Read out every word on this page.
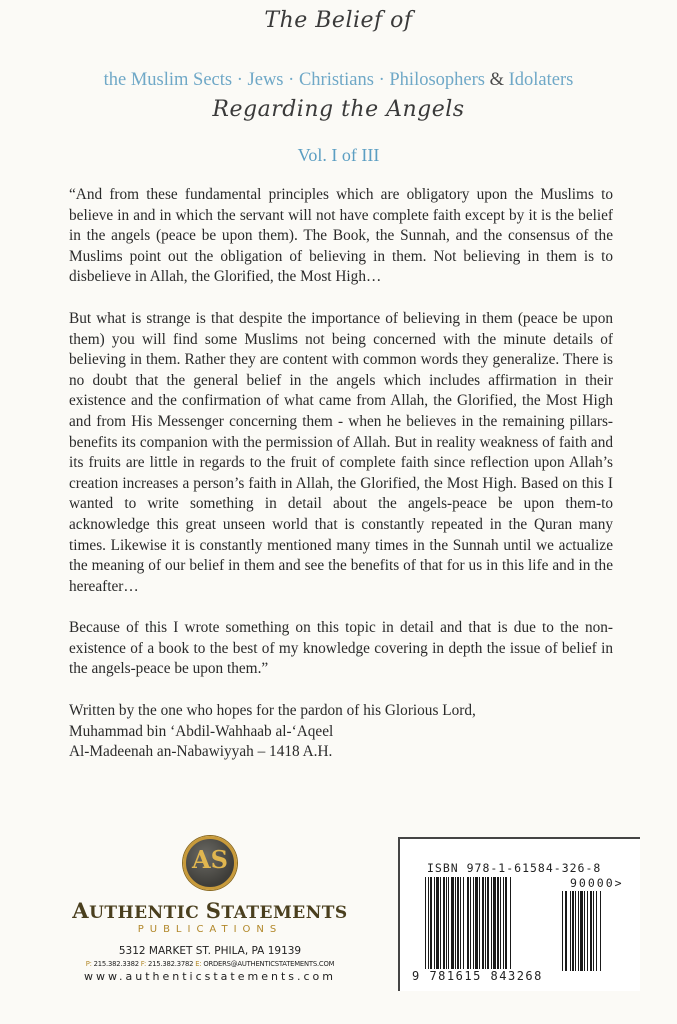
The Belief of
the Muslim Sects · Jews · Christians · Philosophers & Idolaters
Regarding the Angels
Vol. I of III

“And from these fundamental principles which are obligatory upon the Muslims to believe in and in which the servant will not have complete faith except by it is the belief in the angels (peace be upon them). The Book, the Sunnah, and the consensus of the Muslims point out the obligation of believing in them. Not believing in them is to disbelieve in Allah, the Glorified, the Most High…

But what is strange is that despite the importance of believing in them (peace be upon them) you will find some Muslims not being concerned with the minute details of believing in them. Rather they are content with common words they generalize. There is no doubt that the general belief in the angels which includes affirmation in their existence and the confirmation of what came from Allah, the Glorified, the Most High and from His Messenger concerning them - when he believes in the remaining pillars-benefits its companion with the permission of Allah. But in reality weakness of faith and its fruits are little in regards to the fruit of complete faith since reflection upon Allah’s creation increases a person’s faith in Allah, the Glorified, the Most High. Based on this I wanted to write something in detail about the angels-peace be upon them-to acknowledge this great unseen world that is constantly repeated in the Quran many times. Likewise it is constantly mentioned many times in the Sunnah until we actualize the meaning of our belief in them and see the benefits of that for us in this life and in the hereafter…

Because of this I wrote something on this topic in detail and that is due to the non-existence of a book to the best of my knowledge covering in depth the issue of belief in the angels-peace be upon them.”

Written by the one who hopes for the pardon of his Glorious Lord,

Muhammad bin ‘Abdil-Wahhaab al-‘Aqeel

Al-Madeenah an-Nabawiyyah – 1418 A.H.

AS
AUTHENTIC STATEMENTS
PUBLICATIONS
5312 MARKET ST. PHILA, PA 19139
P: 215.382.3382 F: 215.382.3782 E: ORDERS@AUTHENTICSTATEMENTS.COM
www.authenticstatements.com
ISBN 978-1-61584-326-8
90000>
9 781615 843268
